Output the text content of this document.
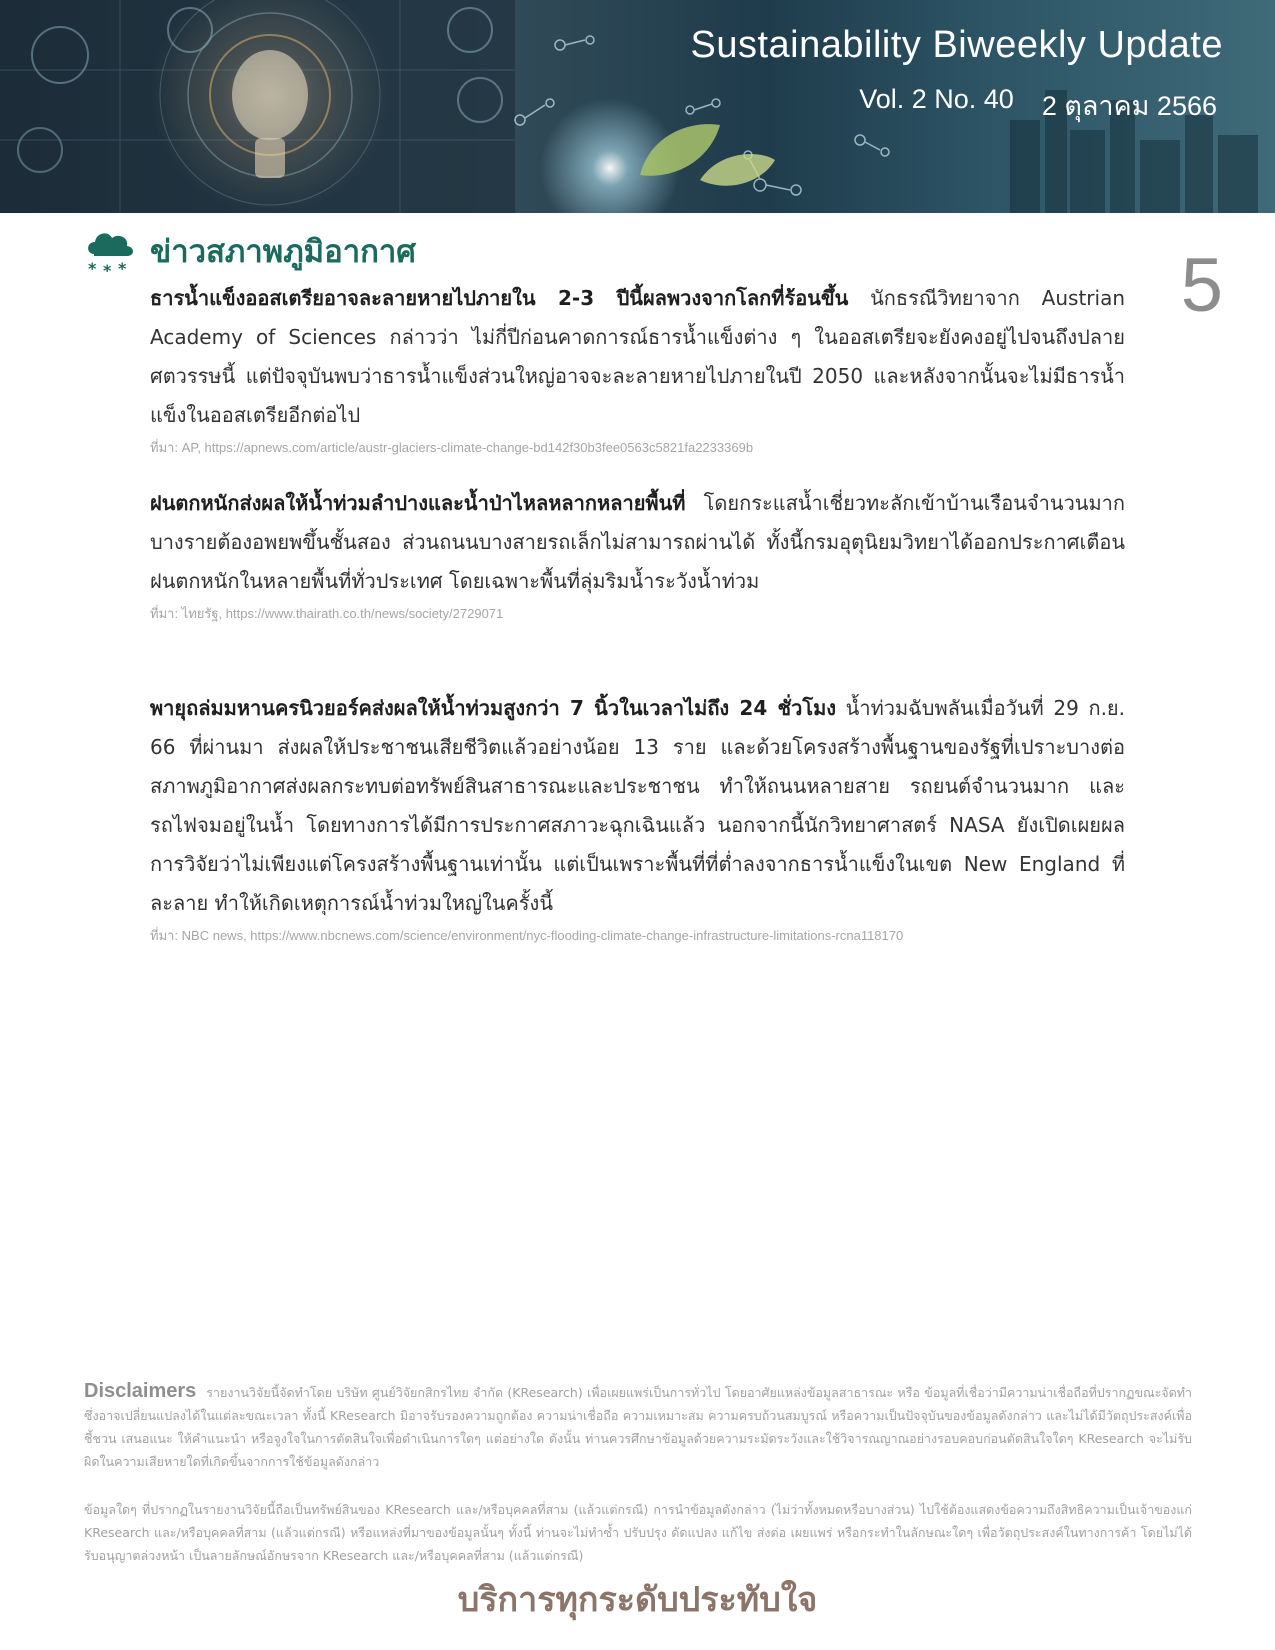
Sustainability Biweekly Update
Vol. 2 No. 40 2 ตุลาคม 2566
* * * ข่าวสภาพภูมิอากาศ	5

ธารน้ำแข็งออสเตรียอาจละลายหายไปภายใน 2-3 ปีนี้ผลพวงจากโลกที่ร้อนขึ้น นักธรณีวิทยาจาก Austrian Academy of Sciences กล่าวว่า ไม่กี่ปีก่อนคาดการณ์ธารน้ำแข็งต่าง ๆ ในออสเตรียจะยังคงอยู่ไปจนถึงปลายศตวรรษนี้ แต่ปัจจุบันพบว่าธารน้ำแข็งส่วนใหญ่อาจจะละลายหายไปภายในปี 2050 และหลังจากนั้นจะไม่มีธารน้ำแข็งในออสเตรียอีกต่อไป

ที่มา: AP, https://apnews.com/article/austr-glaciers-climate-change-bd142f30b3fee0563c5821fa2233369b

ฝนตกหนักส่งผลให้น้ำท่วมลำปางและน้ำป่าไหลหลากหลายพื้นที่ โดยกระแสน้ำเชี่ยวทะลักเข้าบ้านเรือนจำนวนมาก บางรายต้องอพยพขึ้นชั้นสอง ส่วนถนนบางสายรถเล็กไม่สามารถผ่านได้ ทั้งนี้กรมอุตุนิยมวิทยาได้ออกประกาศเตือนฝนตกหนักในหลายพื้นที่ทั่วประเทศ โดยเฉพาะพื้นที่ลุ่มริมน้ำระวังน้ำท่วม

ที่มา: ไทยรัฐ, https://www.thairath.co.th/news/society/2729071

พายุถล่มมหานครนิวยอร์คส่งผลให้น้ำท่วมสูงกว่า 7 นิ้วในเวลาไม่ถึง 24 ชั่วโมง น้ำท่วมฉับพลันเมื่อวันที่ 29 ก.ย. 66 ที่ผ่านมา ส่งผลให้ประชาชนเสียชีวิตแล้วอย่างน้อย 13 ราย และด้วยโครงสร้างพื้นฐานของรัฐที่เปราะบางต่อสภาพภูมิอากาศส่งผลกระทบต่อทรัพย์สินสาธารณะและประชาชน ทำให้ถนนหลายสาย รถยนต์จำนวนมาก และรถไฟจมอยู่ในน้ำ โดยทางการได้มีการประกาศสภาวะฉุกเฉินแล้ว นอกจากนี้นักวิทยาศาสตร์ NASA ยังเปิดเผยผลการวิจัยว่าไม่เพียงแต่โครงสร้างพื้นฐานเท่านั้น แต่เป็นเพราะพื้นที่ที่ต่ำลงจากธารน้ำแข็งในเขต New England ที่ละลาย ทำให้เกิดเหตุการณ์น้ำท่วมใหญ่ในครั้งนี้

ที่มา: NBC news, https://www.nbcnews.com/science/environment/nyc-flooding-climate-change-infrastructure-limitations-rcna118170
Disclaimers รายงานวิจัยนี้จัดทำโดย บริษัท ศูนย์วิจัยกสิกรไทย จำกัด (KResearch) เพื่อเผยแพร่เป็นการทั่วไป โดยอาศัยแหล่งข้อมูลสาธารณะ หรือ ข้อมูลที่เชื่อว่ามีความน่าเชื่อถือที่ปรากฏขณะจัดทำ ซึ่งอาจเปลี่ยนแปลงได้ในแต่ละขณะเวลา ทั้งนี้ KResearch มิอาจรับรองความถูกต้อง ความน่าเชื่อถือ ความเหมาะสม ความครบถ้วนสมบูรณ์ หรือความเป็นปัจจุบันของข้อมูลดังกล่าว และไม่ได้มีวัตถุประสงค์เพื่อชี้ชวน เสนอแนะ ให้คำแนะนำ หรือจูงใจในการตัดสินใจเพื่อดำเนินการใดๆ แต่อย่างใด ดังนั้น ท่านควรศึกษาข้อมูลด้วยความระมัดระวังและใช้วิจารณญาณอย่างรอบคอบก่อนตัดสินใจใดๆ KResearch จะไม่รับผิดในความเสียหายใดที่เกิดขึ้นจากการใช้ข้อมูลดังกล่าว
ข้อมูลใดๆ ที่ปรากฏในรายงานวิจัยนี้ถือเป็นทรัพย์สินของ KResearch และ/หรือบุคคลที่สาม (แล้วแต่กรณี) การนำข้อมูลดังกล่าว (ไม่ว่าทั้งหมดหรือบางส่วน) ไปใช้ต้องแสดงข้อความถึงสิทธิความเป็นเจ้าของแก่ KResearch และ/หรือบุคคลที่สาม (แล้วแต่กรณี) หรือแหล่งที่มาของข้อมูลนั้นๆ ทั้งนี้ ท่านจะไม่ทำซ้ำ ปรับปรุง ดัดแปลง แก้ไข ส่งต่อ เผยแพร่ หรือกระทำในลักษณะใดๆ เพื่อวัตถุประสงค์ในทางการค้า โดยไม่ได้รับอนุญาตล่วงหน้า เป็นลายลักษณ์อักษรจาก KResearch และ/หรือบุคคลที่สาม (แล้วแต่กรณี)
บริการทุกระดับประทับใจ
